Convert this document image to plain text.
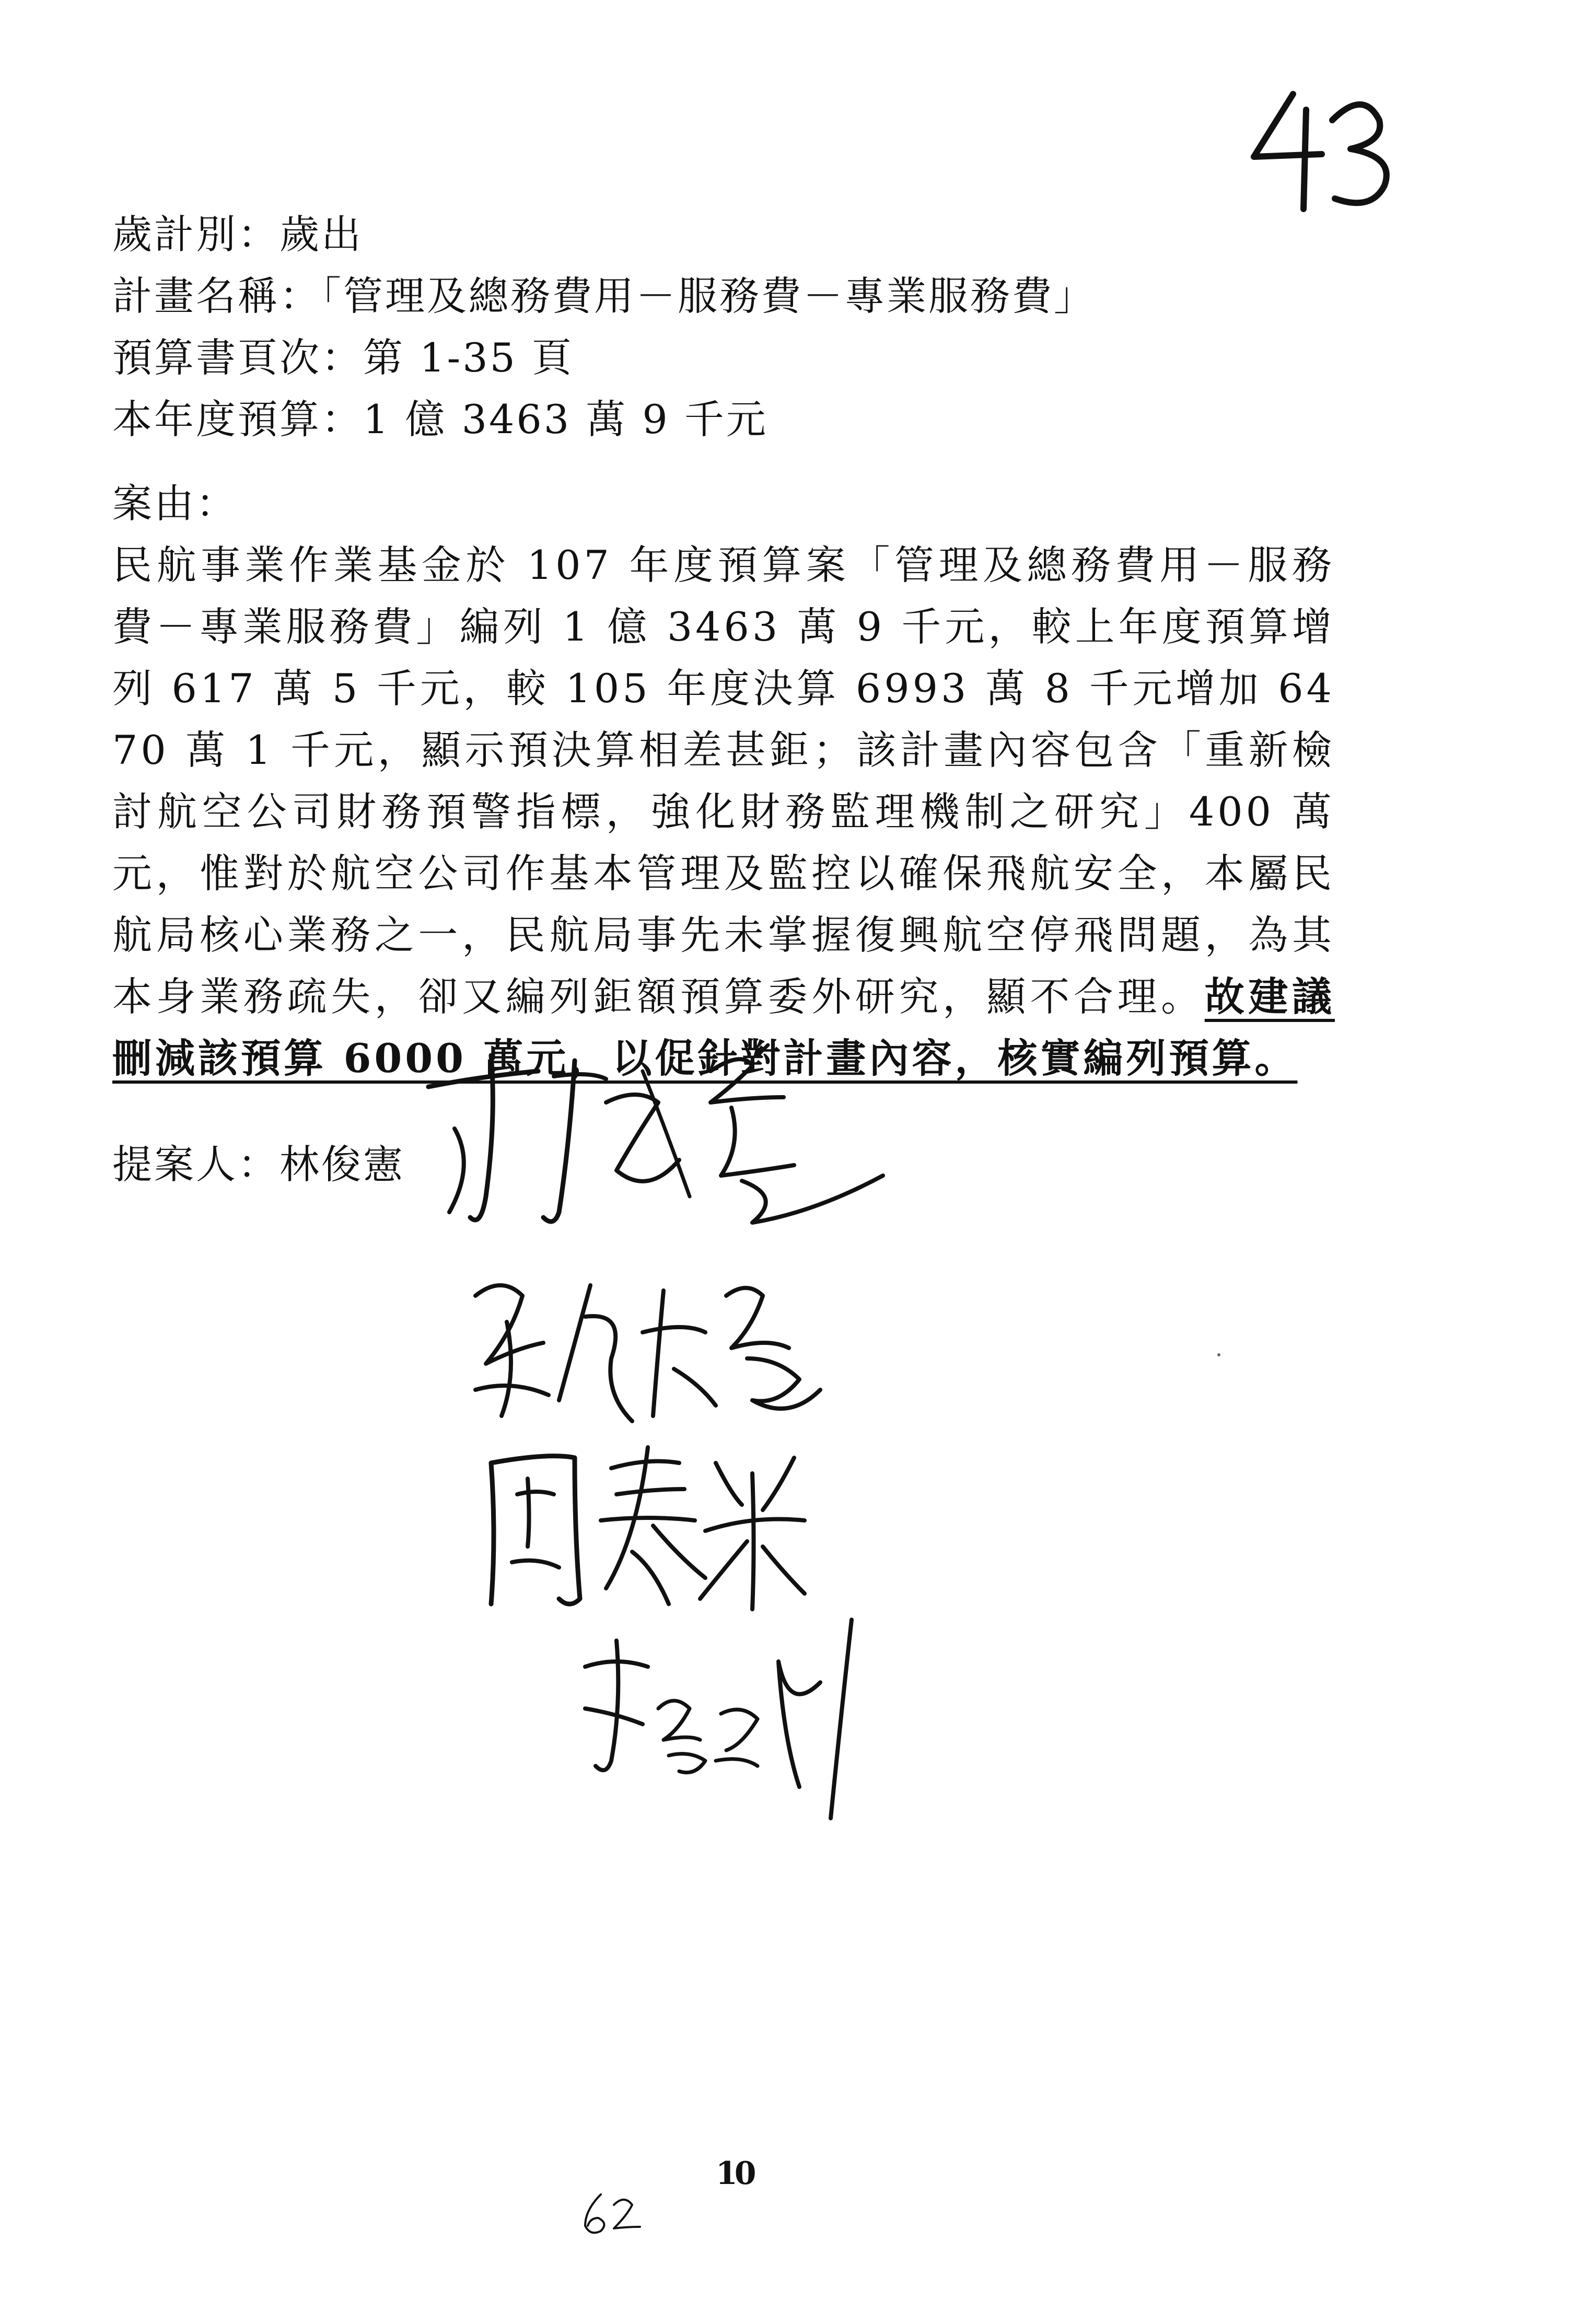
歲計別：歲出
計畫名稱：「管理及總務費用－服務費－專業服務費」
預算書頁次：第 1-35 頁
本年度預算：1 億 3463 萬 9 千元
案由：
民航事業作業基金於 107 年度預算案「管理及總務費用－服務費－專業服務費」編列 1 億 3463 萬 9 千元，較上年度預算增列 617 萬 5 千元，較 105 年度決算 6993 萬 8 千元增加 6470 萬 1 千元，顯示預決算相差甚鉅；該計畫內容包含「重新檢討航空公司財務預警指標，強化財務監理機制之研究」400 萬元，惟對於航空公司作基本管理及監控以確保飛航安全，本屬民航局核心業務之一，民航局事先未掌握復興航空停飛問題，為其本身業務疏失，卻又編列鉅額預算委外研究，顯不合理。故建議刪減該預算 6000 萬元，以促針對計畫內容，核實編列預算。
提案人：林俊憲
10
